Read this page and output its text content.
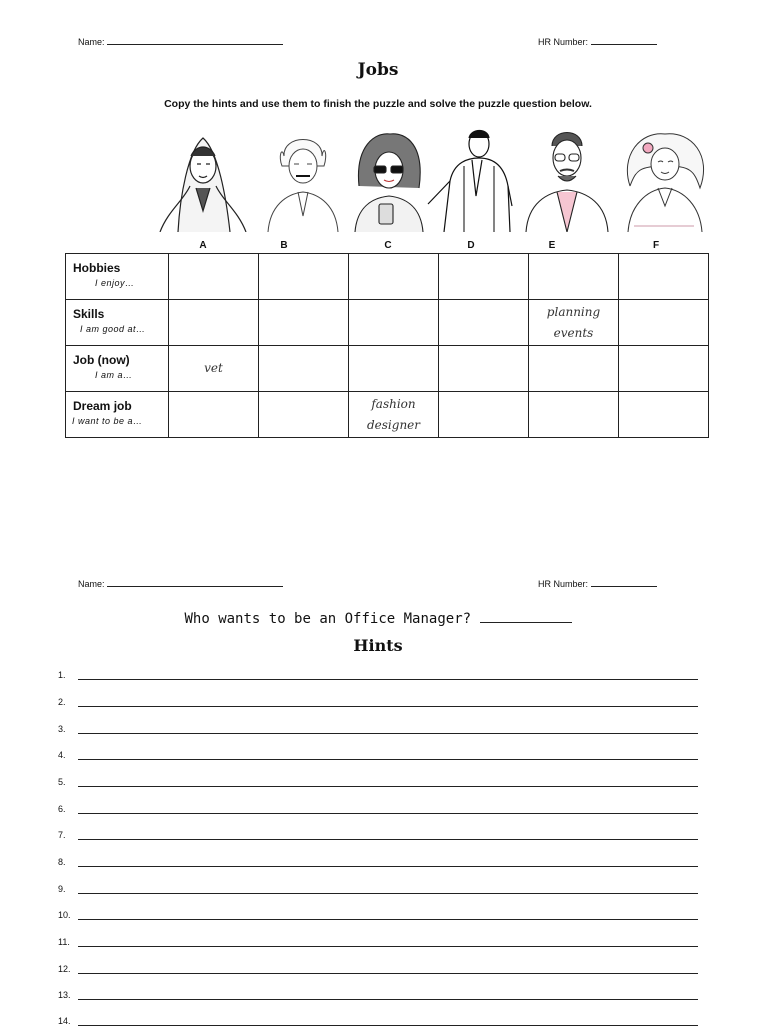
Name:	HR Number:
Jobs
Copy the hints and use them to finish the puzzle and solve the puzzle question below.
A	B	C	D	E	F
Hobbies
I enjoy…						

Skills
I am good at…					planning events	

Job (now)
I am a…	vet					

Dream job
I want to be a…			fashion designer			
Name:	HR Number:
Who wants to be an Office Manager?
Hints
1.
2.
3.
4.
5.
6.
7.
8.
9.
10.
11.
12.
13.
14.
